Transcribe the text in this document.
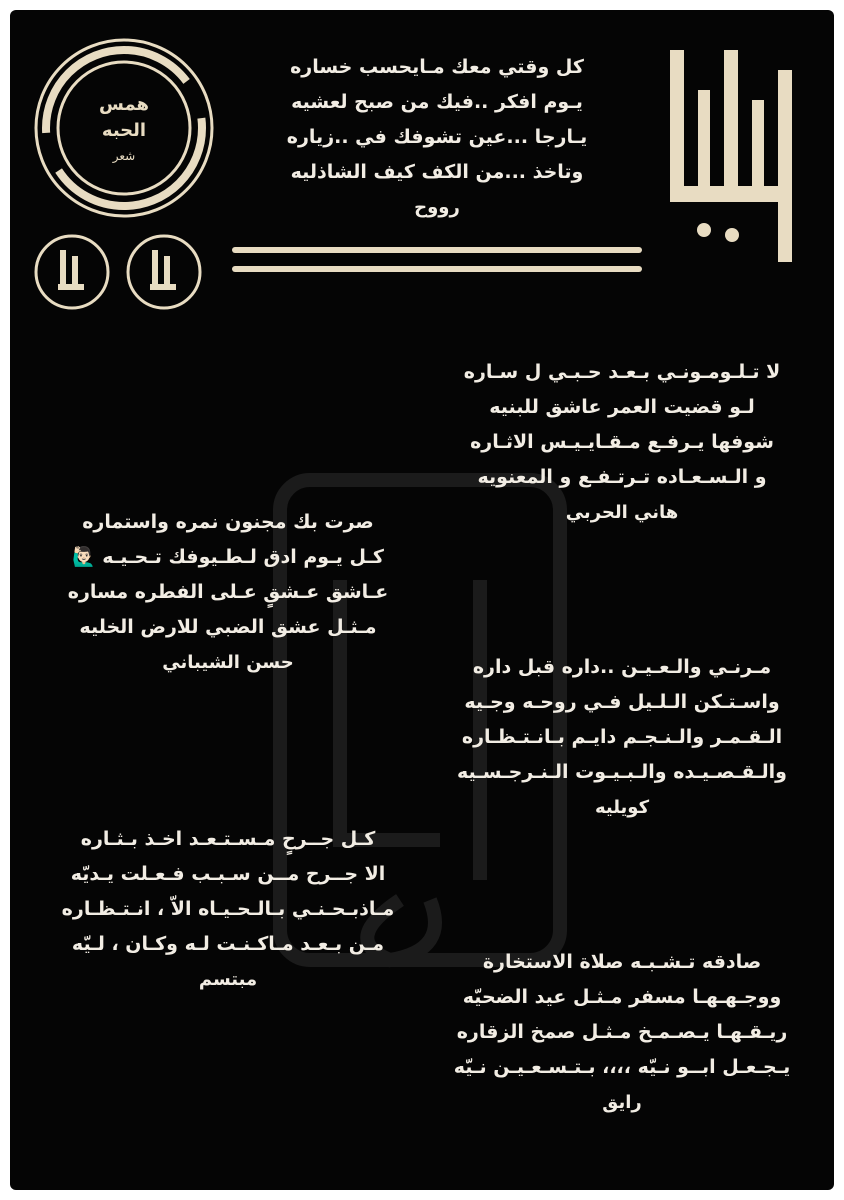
همس
الحبه
شعر
كل وقتي معك مـايحسب خساره
يـوم افكر ..فيك من صبح لعشيه
يـارجا ...عين تشوفك في ..زياره
وتاخذ ...من الكف كيف الشاذليه
رووح
لا تـلـومـونـي بـعـد حـبـي ل سـاره
لـو قضيت العمر عاشق للبنيه
شوفها يـرفـع مـقـايـيـس الاثـاره
و الـسـعـاده تـرتـفـع و المعنويه
هاني الحربي
صرت بك مجنون نمره واستماره
كـل يـوم ادق لـطـيوفك تـحـيـه 🙋🏻‍♂️
عـاشق عـشقٍ عـلى الفطره مساره
مـثـل عشق الضبي للارض الخليه
حسن الشيباني	مـرنـي والـعـيـن ..داره قبل داره
واسـتـكن الـلـيل فـي روحـه وجـيه
الـقـمـر والـنـجـم دايـم بـانـتـظـاره
والـقـصـيـده والـبـيـوت الـنـرجـسـيه
كويليه
كـل جــرحٍ مـسـتـعـد اخـذ بـثـاره
الا جــرح مــن سـبـب فـعـلت يـديّه
مـاذبـحـنـي بـالـحـيـاه الاّ ، انـتـظـاره
مـن بـعـد مـاكـنـت لـه وكـان ، لـيّه
مبتسم
صادقه تـشـبـه صلاة الاستخارة
ووجـهـهـا مسفر مـثـل عيد الضحيّه
ريـقـهـا يـصـمـخ مـثـل صمخ الزقاره
يـجـعـل ابــو نـيّه ،،،، بـتـسـعـيـن نـيّه
رايق
